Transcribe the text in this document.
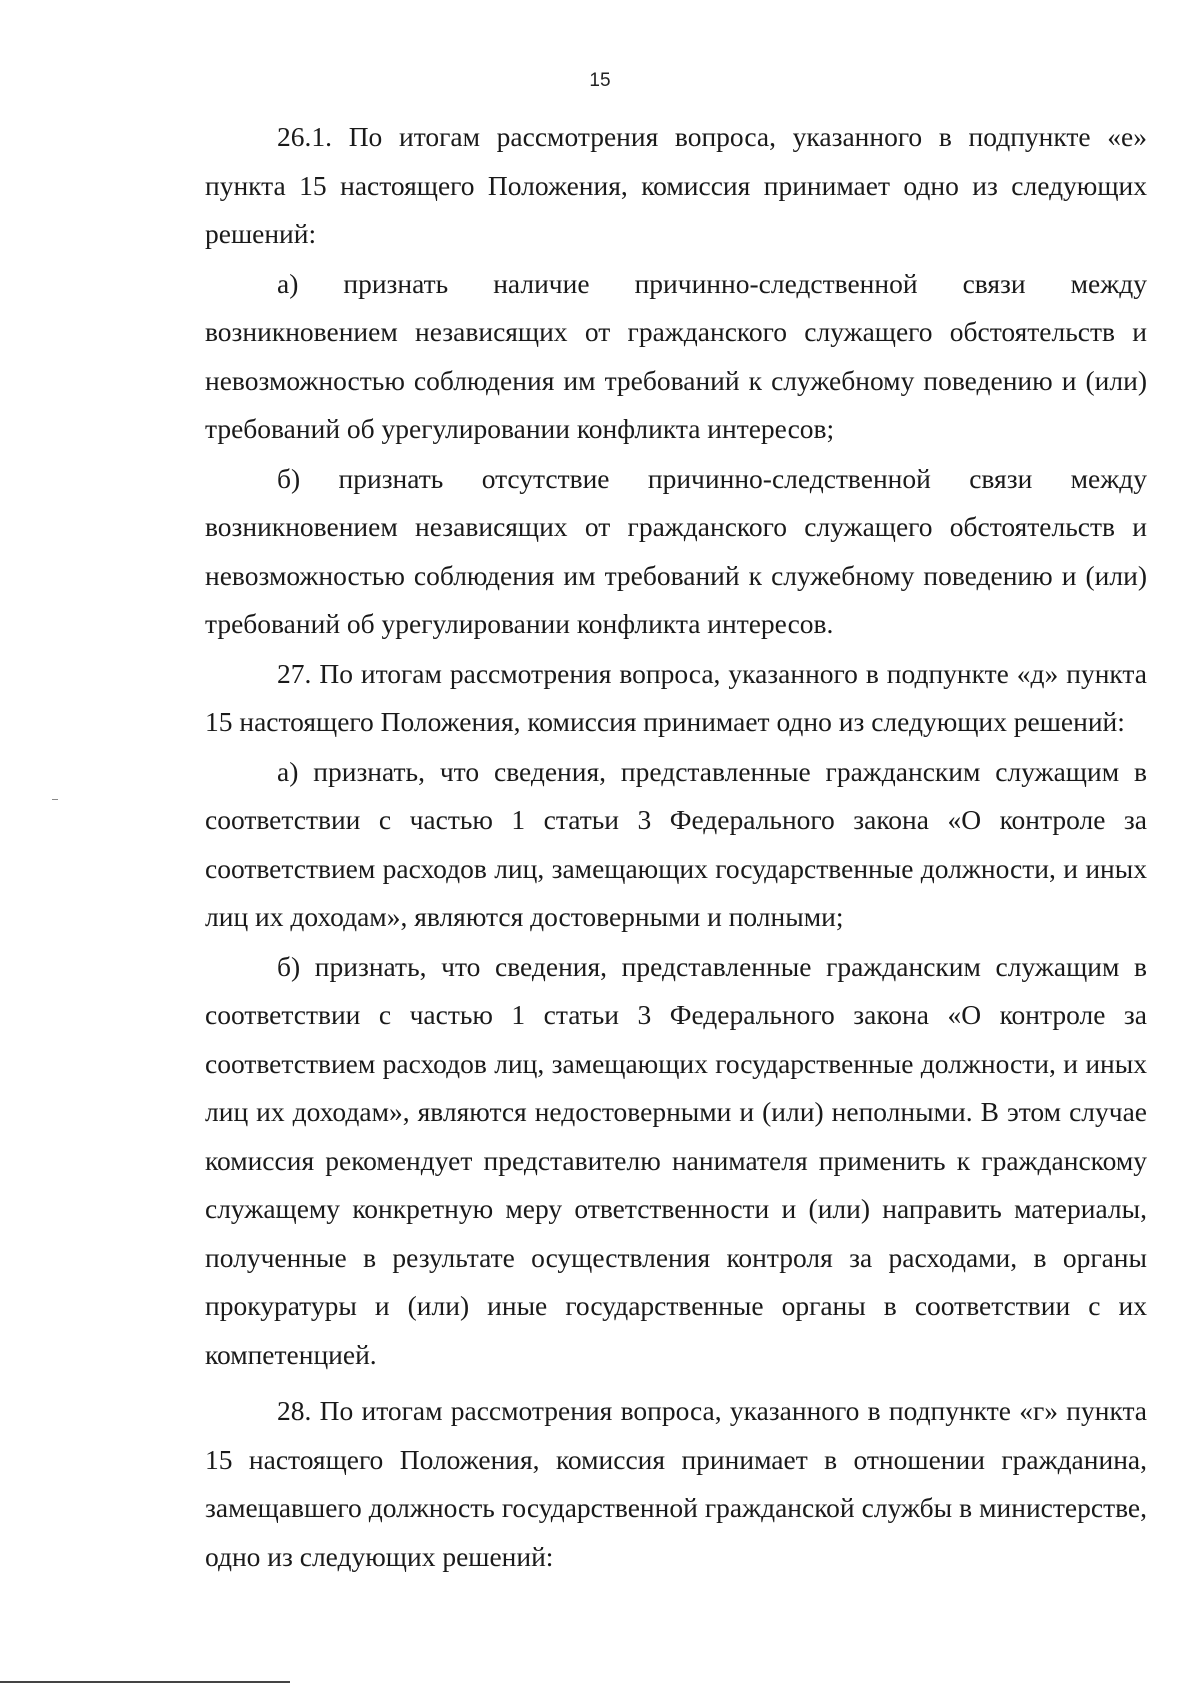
15

26.1. По итогам рассмотрения вопроса, указанного в подпункте «е» пункта 15 настоящего Положения, комиссия принимает одно из следующих решений:

а) признать наличие причинно-следственной связи между возникновением независящих от гражданского служащего обстоятельств и невозможностью соблюдения им требований к служебному поведению и (или) требований об урегулировании конфликта интересов;

б) признать отсутствие причинно-следственной связи между возникновением независящих от гражданского служащего обстоятельств и невозможностью соблюдения им требований к служебному поведению и (или) требований об урегулировании конфликта интересов.

27. По итогам рассмотрения вопроса, указанного в подпункте «д» пункта 15 настоящего Положения, комиссия принимает одно из следующих решений:

а) признать, что сведения, представленные гражданским служащим в соответствии с частью 1 статьи 3 Федерального закона «О контроле за соответствием расходов лиц, замещающих государственные должности, и иных лиц их доходам», являются достоверными и полными;

б) признать, что сведения, представленные гражданским служащим в соответствии с частью 1 статьи 3 Федерального закона «О контроле за соответствием расходов лиц, замещающих государственные должности, и иных лиц их доходам», являются недостоверными и (или) неполными. В этом случае комиссия рекомендует представителю нанимателя применить к гражданскому служащему конкретную меру ответственности и (или) направить материалы, полученные в результате осуществления контроля за расходами, в органы прокуратуры и (или) иные государственные органы в соответствии с их компетенцией.

28. По итогам рассмотрения вопроса, указанного в подпункте «г» пункта 15 настоящего Положения, комиссия принимает в отношении гражданина, замещавшего должность государственной гражданской службы в министерстве, одно из следующих решений:
